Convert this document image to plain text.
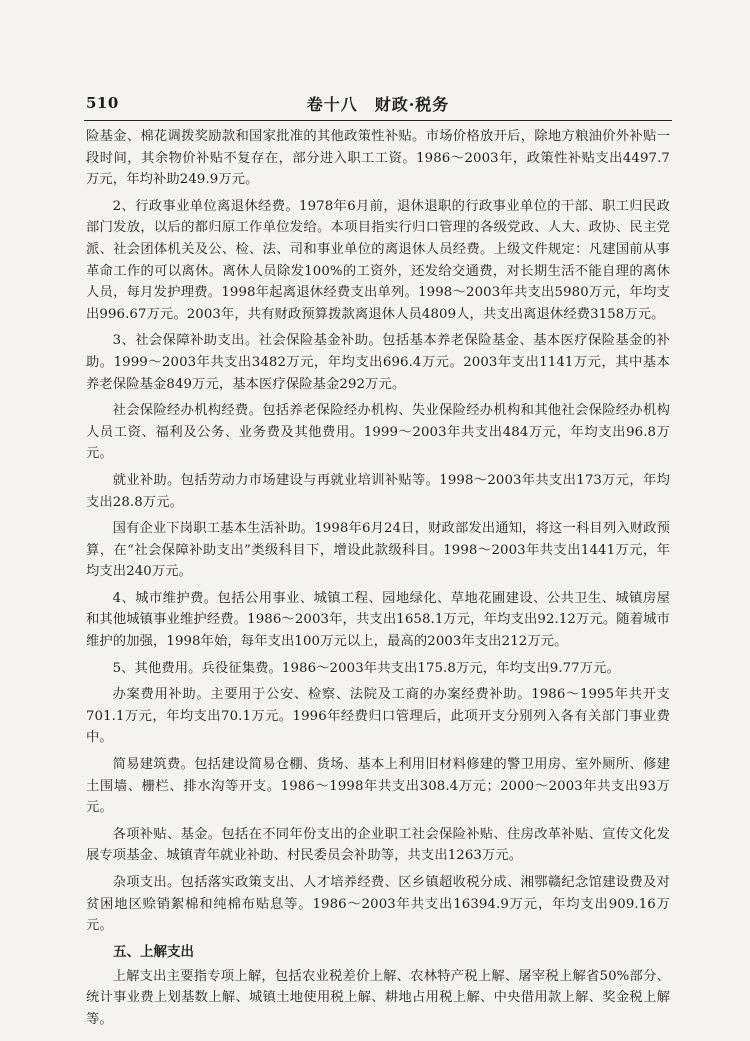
510	卷十八　财政·税务

险基金、棉花调拨奖励款和国家批准的其他政策性补贴。市场价格放开后，除地方粮油价外补贴一段时间，其余物价补贴不复存在，部分进入职工工资。1986～2003年，政策性补贴支出4497.7万元，年均补助249.9万元。

2、行政事业单位离退休经费。1978年6月前，退休退职的行政事业单位的干部、职工归民政部门发放，以后的都归原工作单位发给。本项目指实行归口管理的各级党政、人大、政协、民主党派、社会团体机关及公、检、法、司和事业单位的离退休人员经费。上级文件规定：凡建国前从事革命工作的可以离休。离休人员除发100%的工资外，还发给交通费，对长期生活不能自理的离休人员，每月发护理费。1998年起离退休经费支出单列。1998～2003年共支出5980万元，年均支出996.67万元。2003年，共有财政预算拨款离退休人员4809人，共支出离退休经费3158万元。

3、社会保障补助支出。社会保险基金补助。包括基本养老保险基金、基本医疗保险基金的补助。1999～2003年共支出3482万元，年均支出696.4万元。2003年支出1141万元，其中基本养老保险基金849万元，基本医疗保险基金292万元。

社会保险经办机构经费。包括养老保险经办机构、失业保险经办机构和其他社会保险经办机构人员工资、福利及公务、业务费及其他费用。1999～2003年共支出484万元，年均支出96.8万元。

就业补助。包括劳动力市场建设与再就业培训补贴等。1998～2003年共支出173万元，年均支出28.8万元。

国有企业下岗职工基本生活补助。1998年6月24日，财政部发出通知，将这一科目列入财政预算，在“社会保障补助支出”类级科目下，增设此款级科目。1998～2003年共支出1441万元，年均支出240万元。

4、城市维护费。包括公用事业、城镇工程、园地绿化、草地花圃建设、公共卫生、城镇房屋和其他城镇事业维护经费。1986～2003年，共支出1658.1万元，年均支出92.12万元。随着城市维护的加强，1998年始，每年支出100万元以上，最高的2003年支出212万元。

5、其他费用。兵役征集费。1986～2003年共支出175.8万元，年均支出9.77万元。

办案费用补助。主要用于公安、检察、法院及工商的办案经费补助。1986～1995年共开支701.1万元，年均支出70.1万元。1996年经费归口管理后，此项开支分别列入各有关部门事业费中。

简易建筑费。包括建设简易仓棚、货场、基本上利用旧材料修建的警卫用房、室外厕所、修建土围墙、栅栏、排水沟等开支。1986～1998年共支出308.4万元；2000～2003年共支出93万元。

各项补贴、基金。包括在不同年份支出的企业职工社会保险补贴、住房改革补贴、宣传文化发展专项基金、城镇青年就业补助、村民委员会补助等，共支出1263万元。

杂项支出。包括落实政策支出、人才培养经费、区乡镇超收税分成、湘鄂赣纪念馆建设费及对贫困地区赊销絮棉和纯棉布贴息等。1986～2003年共支出16394.9万元，年均支出909.16万元。

五、上解支出

上解支出主要指专项上解，包括农业税差价上解、农林特产税上解、屠宰税上解省50%部分、统计事业费上划基数上解、城镇土地使用税上解、耕地占用税上解、中央借用款上解、奖金税上解等。
